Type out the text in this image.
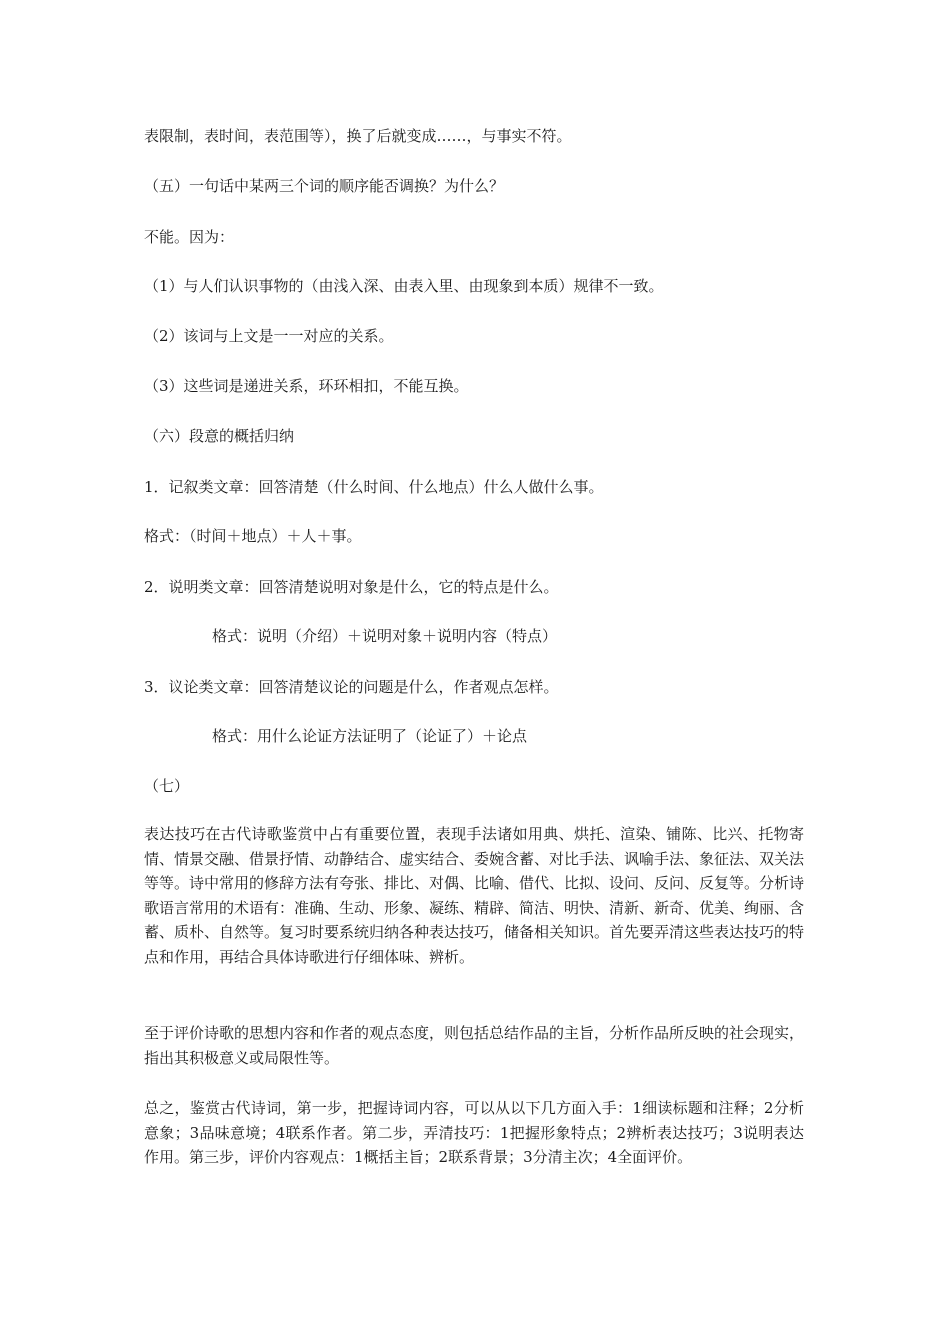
表限制，表时间，表范围等），换了后就变成……，与事实不符。
（五）一句话中某两三个词的顺序能否调换？为什么？
不能。因为：
（1）与人们认识事物的（由浅入深、由表入里、由现象到本质）规律不一致。
（2）该词与上文是一一对应的关系。
（3）这些词是递进关系，环环相扣，不能互换。
（六）段意的概括归纳
1．记叙类文章：回答清楚（什么时间、什么地点）什么人做什么事。
格式：（时间＋地点）＋人＋事。
2．说明类文章：回答清楚说明对象是什么，它的特点是什么。
格式：说明（介绍）＋说明对象＋说明内容（特点）
3．议论类文章：回答清楚议论的问题是什么，作者观点怎样。
格式：用什么论证方法证明了（论证了）＋论点
（七）
表达技巧在古代诗歌鉴赏中占有重要位置，表现手法诸如用典、烘托、渲染、铺陈、比兴、托物寄情、情景交融、借景抒情、动静结合、虚实结合、委婉含蓄、对比手法、讽喻手法、象征法、双关法等等。诗中常用的修辞方法有夸张、排比、对偶、比喻、借代、比拟、设问、反问、反复等。分析诗歌语言常用的术语有：准确、生动、形象、凝练、精辟、简洁、明快、清新、新奇、优美、绚丽、含蓄、质朴、自然等。复习时要系统归纳各种表达技巧，储备相关知识。首先要弄清这些表达技巧的特点和作用，再结合具体诗歌进行仔细体味、辨析。
至于评价诗歌的思想内容和作者的观点态度，则包括总结作品的主旨，分析作品所反映的社会现实，指出其积极意义或局限性等。
总之，鉴赏古代诗词，第一步，把握诗词内容，可以从以下几方面入手：1细读标题和注释；2分析意象；3品味意境；4联系作者。第二步，弄清技巧：1把握形象特点；2辨析表达技巧；3说明表达作用。第三步，评价内容观点：1概括主旨；2联系背景；3分清主次；4全面评价。
